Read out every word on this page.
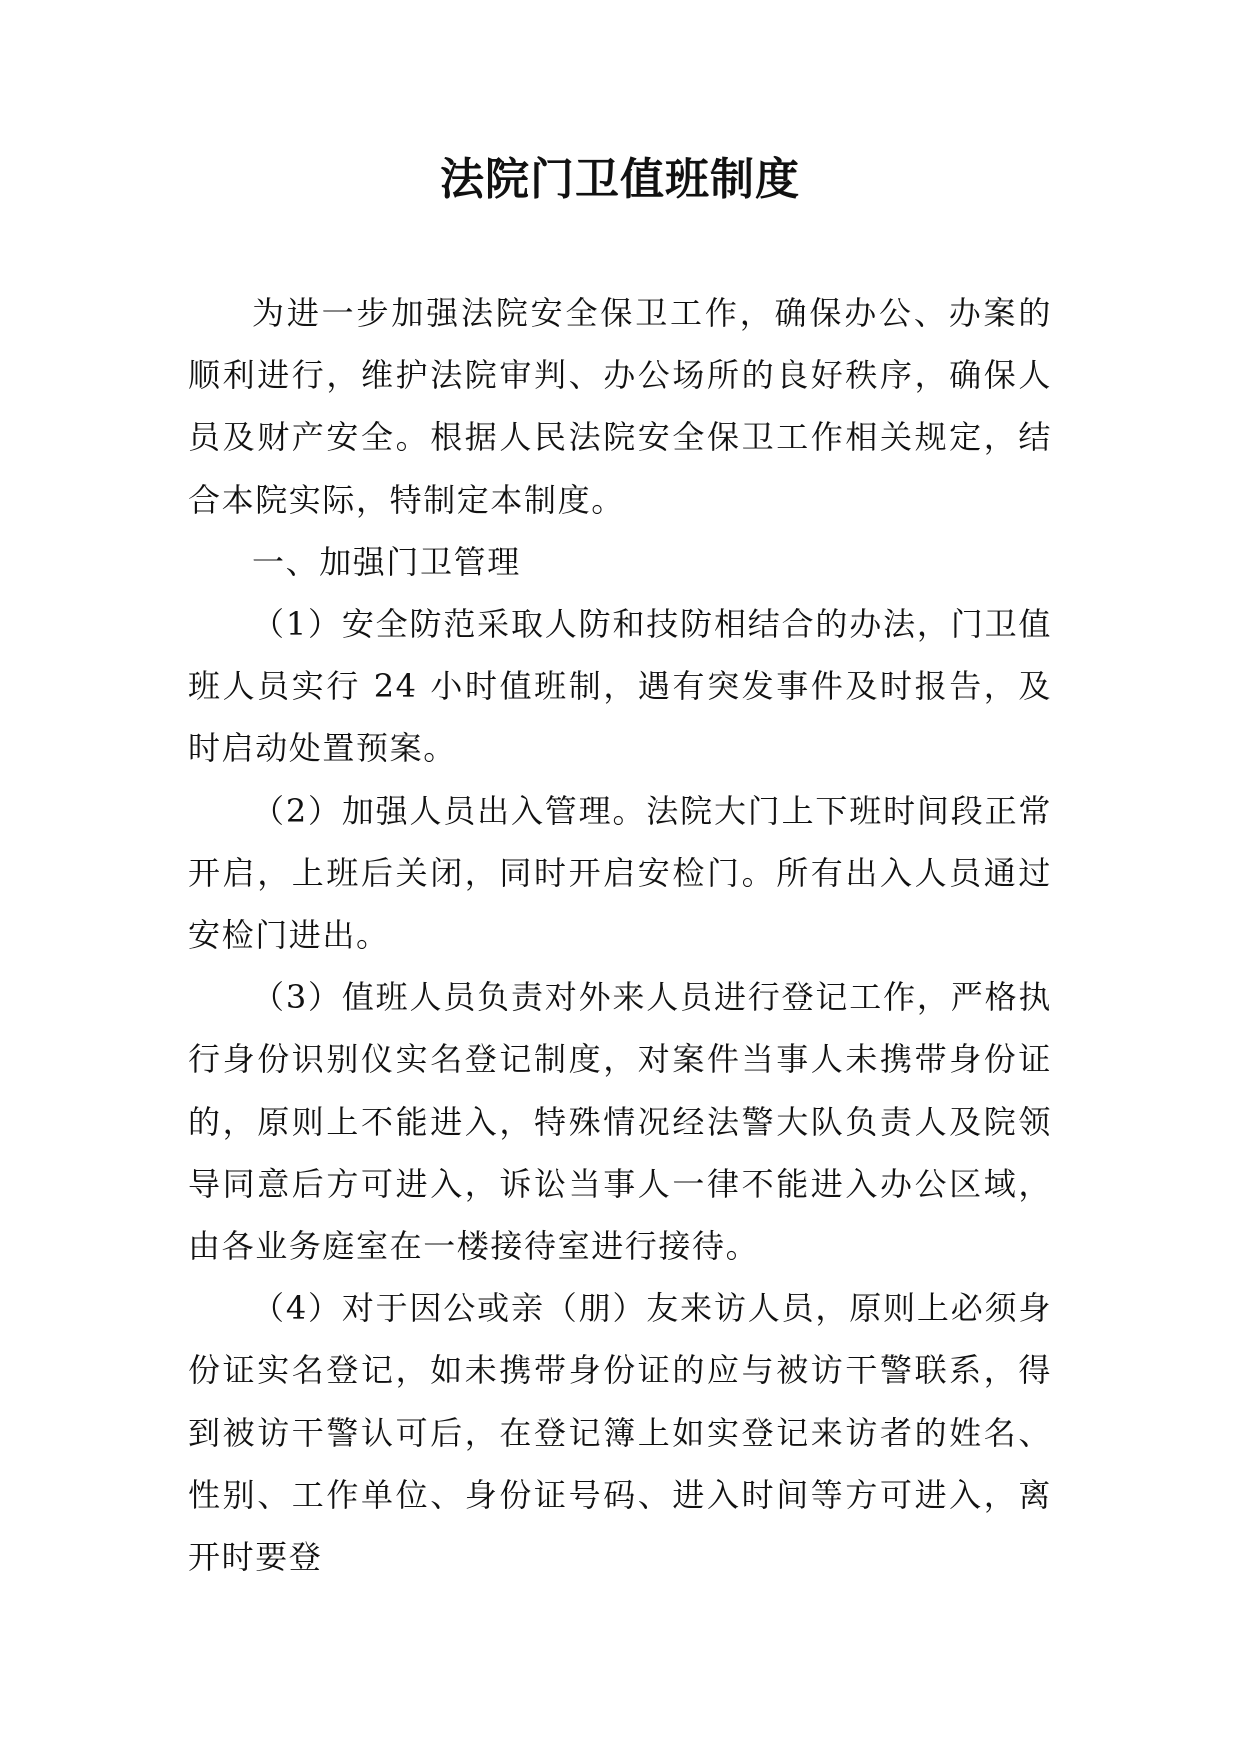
法院门卫值班制度

为进一步加强法院安全保卫工作，确保办公、办案的顺利进行，维护法院审判、办公场所的良好秩序，确保人员及财产安全。根据人民法院安全保卫工作相关规定，结合本院实际，特制定本制度。

一、加强门卫管理

（1）安全防范采取人防和技防相结合的办法，门卫值班人员实行 24 小时值班制，遇有突发事件及时报告，及时启动处置预案。

（2）加强人员出入管理。法院大门上下班时间段正常开启，上班后关闭，同时开启安检门。所有出入人员通过安检门进出。

（3）值班人员负责对外来人员进行登记工作，严格执行身份识别仪实名登记制度，对案件当事人未携带身份证的，原则上不能进入，特殊情况经法警大队负责人及院领导同意后方可进入，诉讼当事人一律不能进入办公区域，由各业务庭室在一楼接待室进行接待。

（4）对于因公或亲（朋）友来访人员，原则上必须身份证实名登记，如未携带身份证的应与被访干警联系，得到被访干警认可后，在登记簿上如实登记来访者的姓名、性别、工作单位、身份证号码、进入时间等方可进入，离开时要登
